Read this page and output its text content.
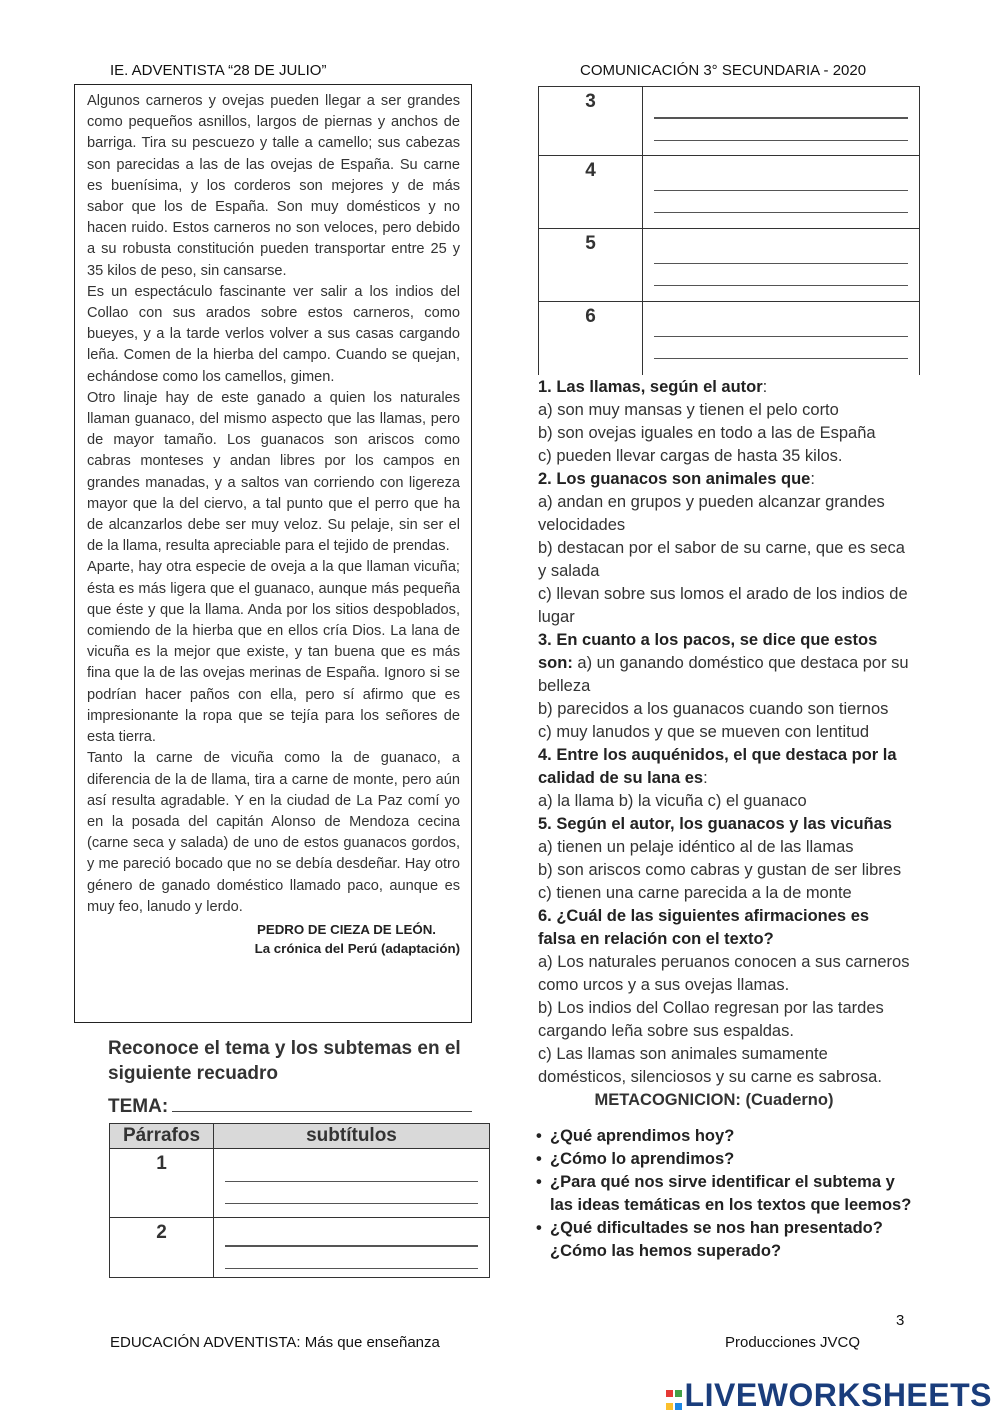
IE. ADVENTISTA “28 DE JULIO”	COMUNICACIÓN 3° SECUNDARIA - 2020

Algunos carneros y ovejas pueden llegar a ser grandes como pequeños asnillos, largos de piernas y anchos de barriga. Tira su pescuezo y talle a camello; sus cabezas son parecidas a las de las ovejas de España. Su carne es buenísima, y los corderos son mejores y de más sabor que los de España. Son muy domésticos y no hacen ruido. Estos carneros no son veloces, pero debido a su robusta constitución pueden transportar entre 25 y 35 kilos de peso, sin cansarse.

Es un espectáculo fascinante ver salir a los indios del Collao con sus arados sobre estos carneros, como bueyes, y a la tarde verlos volver a sus casas cargando leña. Comen de la hierba del campo. Cuando se quejan, echándose como los camellos, gimen.

Otro linaje hay de este ganado a quien los naturales llaman guanaco, del mismo aspecto que las llamas, pero de mayor tamaño. Los guanacos son ariscos como cabras monteses y andan libres por los campos en grandes manadas, y a saltos van corriendo con ligereza mayor que la del ciervo, a tal punto que el perro que ha de alcanzarlos debe ser muy veloz. Su pelaje, sin ser el de la llama, resulta apreciable para el tejido de prendas.

Aparte, hay otra especie de oveja a la que llaman vicuña; ésta es más ligera que el guanaco, aunque más pequeña que éste y que la llama. Anda por los sitios despoblados, comiendo de la hierba que en ellos cría Dios. La lana de vicuña es la mejor que existe, y tan buena que es más fina que la de las ovejas merinas de España. Ignoro si se podrían hacer paños con ella, pero sí afirmo que es impresionante la ropa que se tejía para los señores de esta tierra.

Tanto la carne de vicuña como la de guanaco, a diferencia de la de llama, tira a carne de monte, pero aún así resulta agradable. Y en la ciudad de La Paz comí yo en la posada del capitán Alonso de Mendoza cecina (carne seca y salada) de uno de estos guanacos gordos, y me pareció bocado que no se debía desdeñar. Hay otro género de ganado doméstico llamado paco, aunque es muy feo, lanudo y lerdo.

PEDRO DE CIEZA DE LEÓN.
La crónica del Perú (adaptación)
Reconoce el tema y los subtemas en el siguiente recuadro
TEMA:
Párrafos	subtítulos
1	

2	
3	

4	

5	

6	

1. Las llamas, según el autor:

a) son muy mansas y tienen el pelo corto

b) son ovejas iguales en todo a las de España

c) pueden llevar cargas de hasta 35 kilos.

2. Los guanacos son animales que:

a) andan en grupos y pueden alcanzar grandes velocidades

b) destacan por el sabor de su carne, que es seca y salada

c) llevan sobre sus lomos el arado de los indios de lugar

3. En cuanto a los pacos, se dice que estos son: a) un ganando doméstico que destaca por su belleza

b) parecidos a los guanacos cuando son tiernos

c) muy lanudos y que se mueven con lentitud

4. Entre los auquénidos, el que destaca por la calidad de su lana es:

a) la llama b) la vicuña c) el guanaco

5. Según el autor, los guanacos y las vicuñas

a) tienen un pelaje idéntico al de las llamas

b) son ariscos como cabras y gustan de ser libres

c) tienen una carne parecida a la de monte

6. ¿Cuál de las siguientes afirmaciones es falsa en relación con el texto?

a) Los naturales peruanos conocen a sus carneros como urcos y a sus ovejas llamas.

b) Los indios del Collao regresan por las tardes cargando leña sobre sus espaldas.

c) Las llamas son animales sumamente domésticos, silenciosos y su carne es sabrosa.

METACOGNICION: (Cuaderno)

• ¿Qué aprendimos hoy?
• ¿Cómo lo aprendimos?
• ¿Para qué nos sirve identificar el subtema y las ideas temáticas en los textos que leemos?
• ¿Qué dificultades se nos han presentado? ¿Cómo las hemos superado?
3
EDUCACIÓN ADVENTISTA: Más que enseñanza	Producciones JVCQ
LIVEWORKSHEETS
